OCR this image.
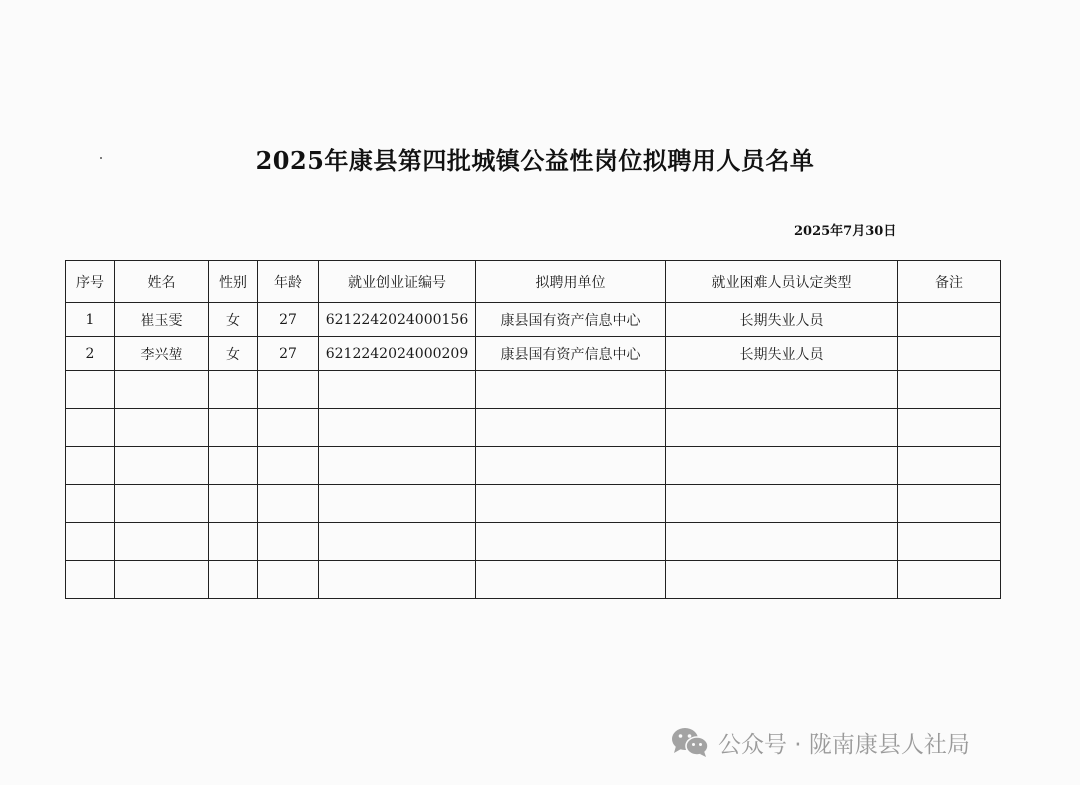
2025年康县第四批城镇公益性岗位拟聘用人员名单
2025年7月30日
序号	姓名	性别	年龄	就业创业证编号	拟聘用单位	就业困难人员认定类型	备注
1	崔玉雯	女	27	6212242024000156	康县国有资产信息中心	长期失业人员	
2	李兴堃	女	27	6212242024000209	康县国有资产信息中心	长期失业人员	

公众号 · 陇南康县人社局
